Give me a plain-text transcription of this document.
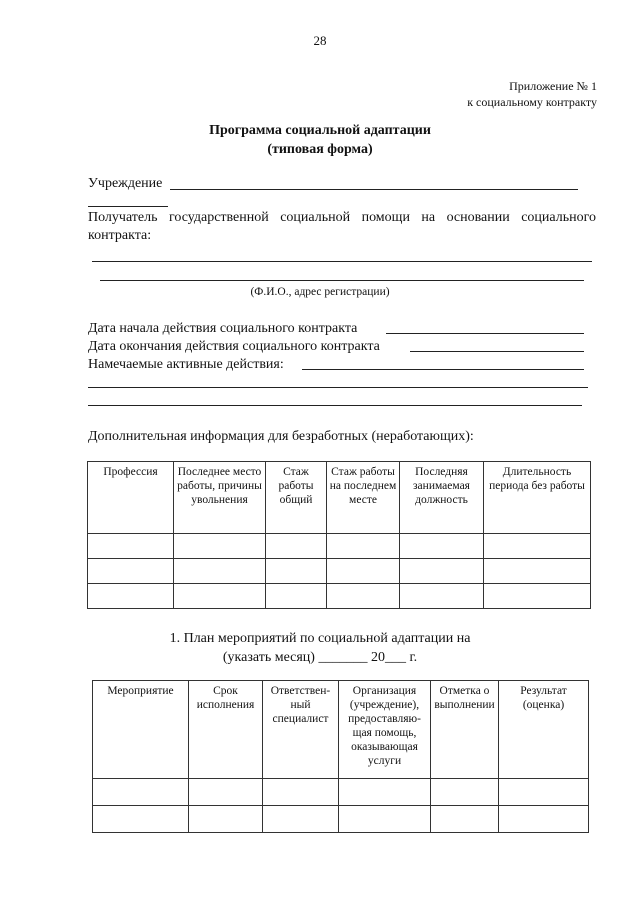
28
Приложение № 1
к социальному контракту
Программа социальной адаптации
(типовая форма)
Учреждение
Получатель государственной социальной помощи на основании социального контракта:
(Ф.И.О., адрес регистрации)
Дата начала действия социального контракта
Дата окончания действия социального контракта
Намечаемые активные действия:
Дополнительная информация для безработных (неработающих):
Профессия	Последнее место работы, причины увольнения	Стаж работы общий	Стаж работы на последнем месте	Последняя занимаемая должность	Длительность периода без работы

1. План мероприятий по социальной адаптации на
(указать месяц) _______ 20___ г.
Мероприятие	Срок исполнения	Ответствен-ный специалист	Организация (учреждение), предоставляю-щая помощь, оказывающая услуги	Отметка о выполнении	Результат (оценка)
